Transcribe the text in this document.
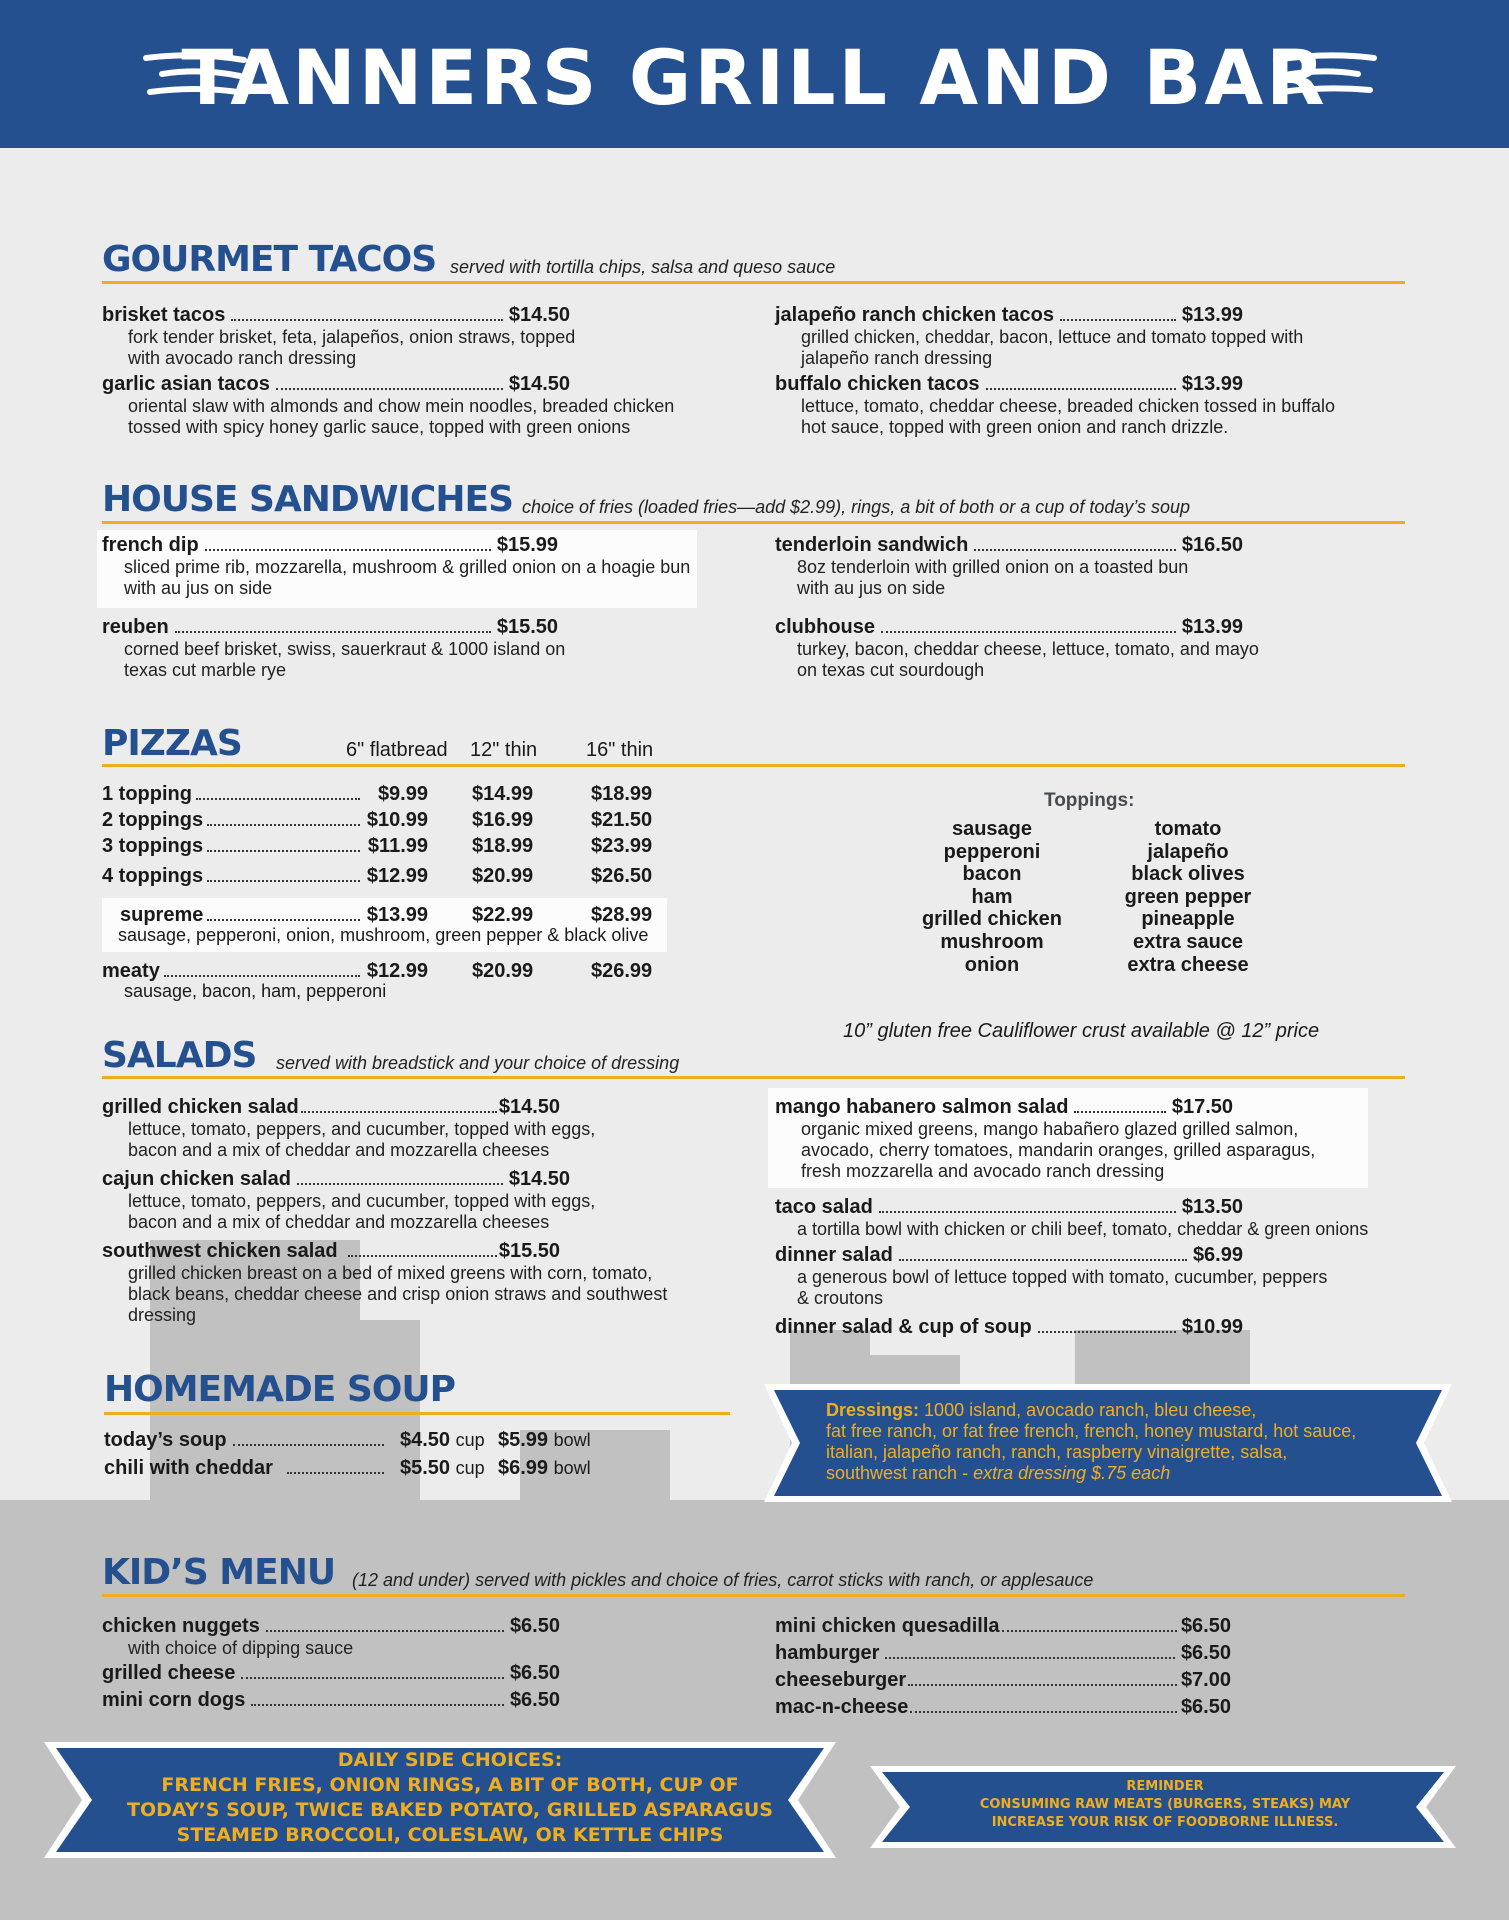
TANNERS GRILL AND BAR
GOURMET TACOS served with tortilla chips, salsa and queso sauce
brisket tacos	$14.50
fork tender brisket, feta, jalapeños, onion straws, topped
with avocado ranch dressing
garlic asian tacos	$14.50
oriental slaw with almonds and chow mein noodles, breaded chicken
tossed with spicy honey garlic sauce, topped with green onions
jalapeño ranch chicken tacos	$13.99
grilled chicken, cheddar, bacon, lettuce and tomato topped with
jalapeño ranch dressing
buffalo chicken tacos	$13.99
lettuce, tomato, cheddar cheese, breaded chicken tossed in buffalo
hot sauce, topped with green onion and ranch drizzle.
HOUSE SANDWICHES choice of fries (loaded fries—add $2.99), rings, a bit of both or a cup of today’s soup
french dip	$15.99
sliced prime rib, mozzarella, mushroom & grilled onion on a hoagie bun
with au jus on side
reuben	$15.50
corned beef brisket, swiss, sauerkraut & 1000 island on
texas cut marble rye
tenderloin sandwich	$16.50
8oz tenderloin with grilled onion on a toasted bun
with au jus on side
clubhouse	$13.99
turkey, bacon, cheddar cheese, lettuce, tomato, and mayo
on texas cut sourdough
PIZZAS	6" flatbread 12" thin 16" thin
1 topping	$9.99 $14.99	$18.99
2 toppings	$10.99 $16.99	$21.50
3 toppings	$11.99 $18.99	$23.99
4 toppings	$12.99 $20.99	$26.50
supreme	$13.99 $22.99	$28.99
sausage, pepperoni, onion, mushroom, green pepper & black olive
meaty	$12.99 $20.99	$26.99
sausage, bacon, ham, pepperoni
Toppings:
sausage
pepperoni
bacon
ham
grilled chicken
mushroom
onion
tomato
jalapeño
black olives
green pepper
pineapple
extra sauce
extra cheese
10” gluten free Cauliflower crust available @ 12” price
SALADS served with breadstick and your choice of dressing
grilled chicken salad	$14.50
lettuce, tomato, peppers, and cucumber, topped with eggs,
bacon and a mix of cheddar and mozzarella cheeses
cajun chicken salad	$14.50
lettuce, tomato, peppers, and cucumber, topped with eggs,
bacon and a mix of cheddar and mozzarella cheeses
southwest chicken salad	$15.50
grilled chicken breast on a bed of mixed greens with corn, tomato,
black beans, cheddar cheese and crisp onion straws and southwest
dressing
mango habanero salmon salad	$17.50
organic mixed greens, mango habañero glazed grilled salmon,
avocado, cherry tomatoes, mandarin oranges, grilled asparagus,
fresh mozzarella and avocado ranch dressing
taco salad	$13.50
a tortilla bowl with chicken or chili beef, tomato, cheddar & green onions
dinner salad	$6.99
a generous bowl of lettuce topped with tomato, cucumber, peppers
& croutons
dinner salad & cup of soup	$10.99
HOMEMADE SOUP
today’s soup	$4.50 cup $5.99 bowl
chili with cheddar	$5.50 cup $6.99 bowl
Dressings: 1000 island, avocado ranch, bleu cheese,
fat free ranch, or fat free french, french, honey mustard, hot sauce,
italian, jalapeño ranch, ranch, raspberry vinaigrette, salsa,
southwest ranch - extra dressing $.75 each
KID’S MENU (12 and under) served with pickles and choice of fries, carrot sticks with ranch, or applesauce
chicken nuggets	$6.50
with choice of dipping sauce
grilled cheese	$6.50
mini corn dogs	$6.50
mini chicken quesadilla	$6.50
hamburger	$6.50
cheeseburger	$7.00
mac-n-cheese	$6.50
DAILY SIDE CHOICES:
FRENCH FRIES, ONION RINGS, A BIT OF BOTH, CUP OF
TODAY’S SOUP, TWICE BAKED POTATO, GRILLED ASPARAGUS
STEAMED BROCCOLI, COLESLAW, OR KETTLE CHIPS
REMINDER
CONSUMING RAW MEATS (BURGERS, STEAKS) MAY
INCREASE YOUR RISK OF FOODBORNE ILLNESS.
